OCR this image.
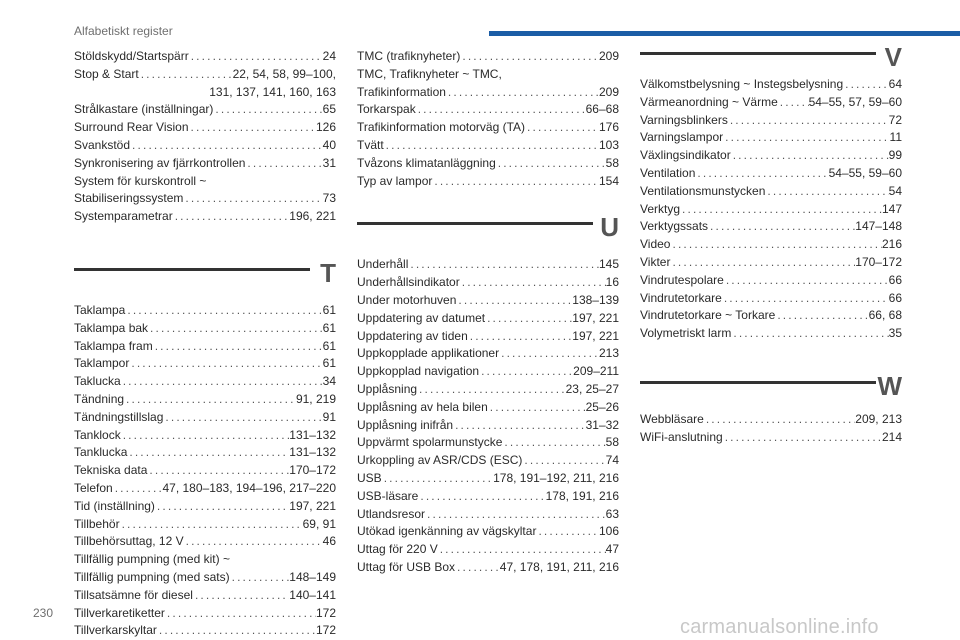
Alfabetiskt register
Stöldskydd/Startspärr . . .	24
Stop & Start . . .	22, 54, 58, 99–100,
131, 137, 141, 160, 163
Strålkastare (inställningar) . . .	65
Surround Rear Vision . . .	126
Svankstöd . . .	40
Synkronisering av fjärrkontrollen . . .	31
System för kurskontroll ~
Stabiliseringssystem . . .	73
Systemparametrar . . .	196, 221
T
Taklampa . . .	61
Taklampa bak . . .	61
Taklampa fram . . .	61
Taklampor . . .	61
Taklucka . . .	34
Tändning . . .	91, 219
Tändningstillslag . . .	91
Tanklock . . .	131–132
Tanklucka . . .	131–132
Tekniska data . . .	170–172
Telefon . . .	47, 180–183, 194–196, 217–220
Tid (inställning) . . .	197, 221
Tillbehör . . .	69, 91
Tillbehörsuttag, 12 V . . .	46
Tillfällig pumpning (med kit) ~
Tillfällig pumpning (med sats) . . .	148–149
Tillsatsämne för diesel . . .	140–141
Tillverkaretiketter . . .	172
Tillverkarskyltar . . .	172
TMC (trafiknyheter) . . .	209
TMC, Trafiknyheter ~ TMC,
Trafikinformation . . .	209
Torkarspak . . .	66–68
Trafikinformation motorväg (TA) . . .	176
Tvätt . . .	103
Tvåzons klimatanläggning . . .	58
Typ av lampor . . .	154
U
Underhåll . . .	145
Underhållsindikator . . .	16
Under motorhuven . . .	138–139
Uppdatering av datumet . . .	197, 221
Uppdatering av tiden . . .	197, 221
Uppkopplade applikationer . . .	213
Uppkopplad navigation . . .	209–211
Upplåsning . . .	23, 25–27
Upplåsning av hela bilen . . .	25–26
Upplåsning inifrån . . .	31–32
Uppvärmt spolarmunstycke . . .	58
Urkoppling av ASR/CDS (ESC) . . .	74
USB . . .	178, 191–192, 211, 216
USB-läsare . . .	178, 191, 216
Utlandsresor . . .	63
Utökad igenkänning av vägskyltar . . .	106
Uttag för 220 V . . .	47
Uttag för USB Box . . .	47, 178, 191, 211, 216
V
Välkomstbelysning ~ Instegsbelysning . . .	64
Värmeanordning ~ Värme . . .	54–55, 57, 59–60
Varningsblinkers . . .	72
Varningslampor . . .	11
Växlingsindikator . . .	99
Ventilation . . .	54–55, 59–60
Ventilationsmunstycken . . .	54
Verktyg . . .	147
Verktygssats . . .	147–148
Video . . .	216
Vikter . . .	170–172
Vindrutespolare . . .	66
Vindrutetorkare . . .	66
Vindrutetorkare ~ Torkare . . .	66, 68
Volymetriskt larm . . .	35
W
Webbläsare . . .	209, 213
WiFi-anslutning . . .	214
230
carmanualsonline.info
